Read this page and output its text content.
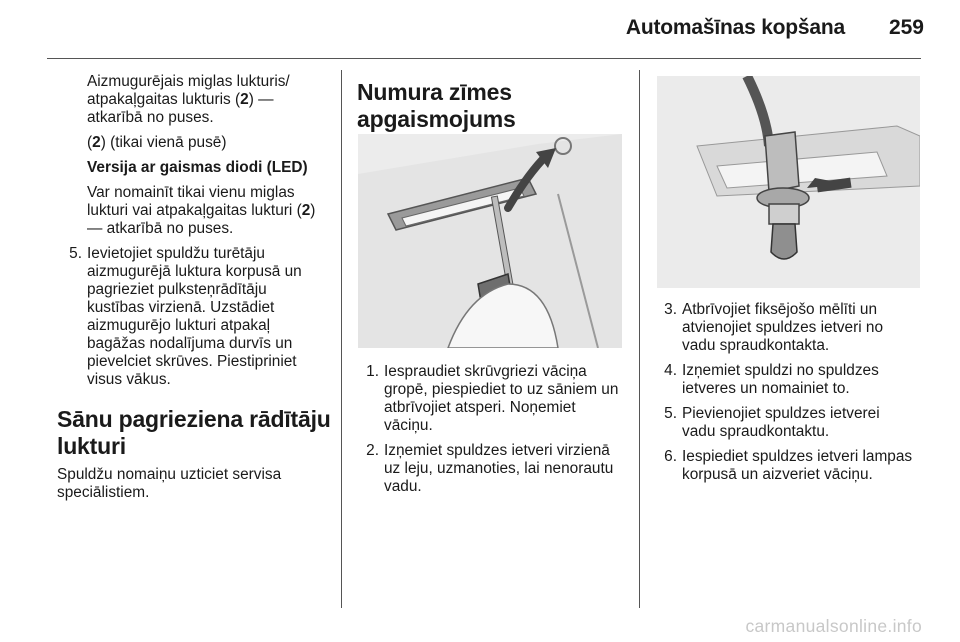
Automašīnas kopšana 259
Aizmugurējais miglas lukturis/
atpakaļgaitas lukturis (2) —
atkarībā no puses.
(2) (tikai vienā pusē)
Versija ar gaismas diodi (LED)
Var nomainīt tikai vienu miglas
lukturi vai atpakaļgaitas lukturi (2)
— atkarībā no puses.
5. Ievietojiet spuldžu turētāju
aizmugurējā luktura korpusā un
pagrieziet pulksteņrādītāju
kustības virzienā. Uzstādiet
aizmugurējo lukturi atpakaļ
bagāžas nodalījuma durvīs un
pievelciet skrūves. Piestipriniet
visus vākus.
Sānu pagrieziena rādītāju
lukturi
Spuldžu nomaiņu uzticiet servisa
speciālistiem.
Numura zīmes
apgaismojums
1. Iespraudiet skrūvgriezi vāciņa
gropē, piespiediet to uz sāniem un
atbrīvojiet atsperi. Noņemiet
vāciņu.
2. Izņemiet spuldzes ietveri virzienā
uz leju, uzmanoties, lai nenorautu
vadu.
3. Atbrīvojiet fiksējošo mēlīti un
atvienojiet spuldzes ietveri no
vadu spraudkontakta.
4. Izņemiet spuldzi no spuldzes
ietveres un nomainiet to.
5. Pievienojiet spuldzes ietverei
vadu spraudkontaktu.
6. Iespiediet spuldzes ietveri lampas
korpusā un aizveriet vāciņu.
carmanualsonline.info
